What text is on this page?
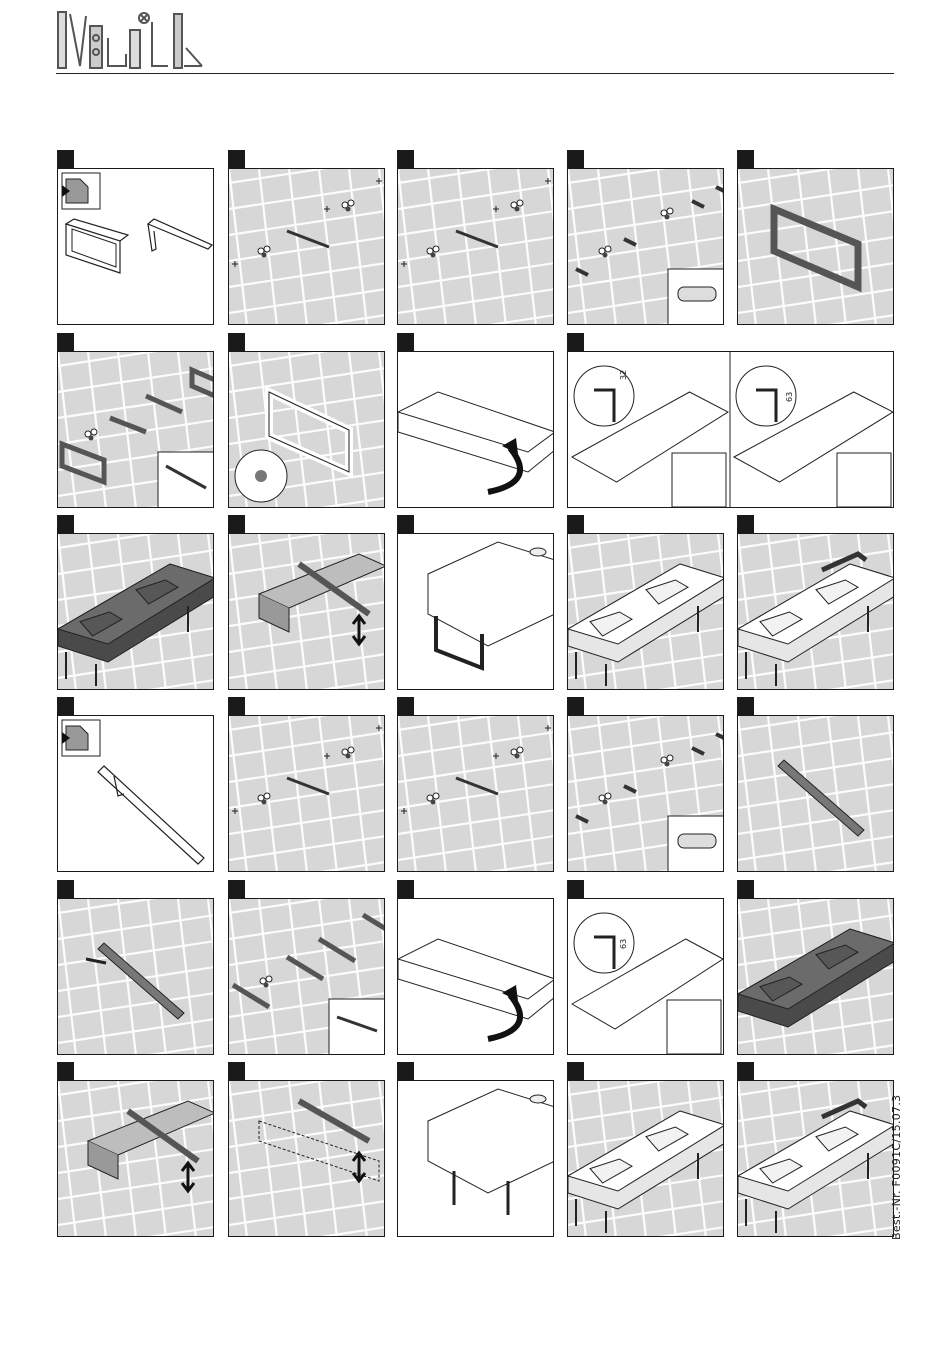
32
63
63
Best.-Nr. F0091C/15.07.3
